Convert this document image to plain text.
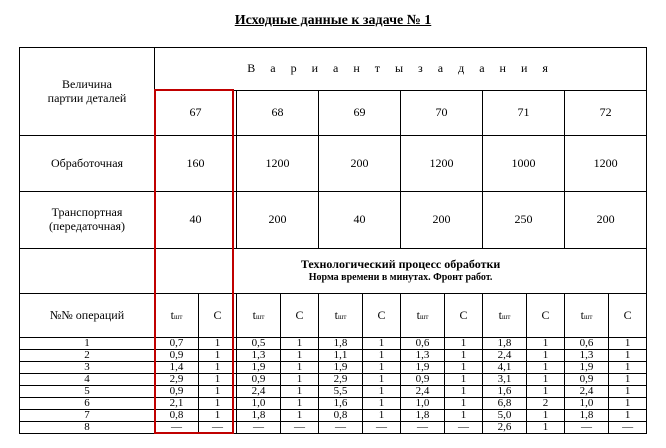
Исходные данные к задаче № 1
Величина
партии деталей	В а р и а н т ы з а д а н и я											
	67		68		69		70		71		72	
Обработочная	160		1200		200		1200		1000		1200	
Транспортная
(передаточная)	40		200		40		200		250		200	

	Технологический процесс обработки
Норма времени в минутах. Фронт работ.											

№№ операций	tшт	C	tшт	C	tшт	C	tшт	C	tшт	C	tшт	C
1	0,7	1	0,5	1	1,8	1	0,6	1	1,8	1	0,6	1
2	0,9	1	1,3	1	1,1	1	1,3	1	2,4	1	1,3	1
3	1,4	1	1,9	1	1,9	1	1,9	1	4,1	1	1,9	1
4	2,9	1	0,9	1	2,9	1	0,9	1	3,1	1	0,9	1
5	0,9	1	2,4	1	5,5	1	2,4	1	1,6	1	2,4	1
6	2,1	1	1,0	1	1,6	1	1,0	1	6,8	2	1,0	1
7	0,8	1	1,8	1	0,8	1	1,8	1	5,0	1	1,8	1
8	—	—	—	—	—	—	—	—	2,6	1	—	—
